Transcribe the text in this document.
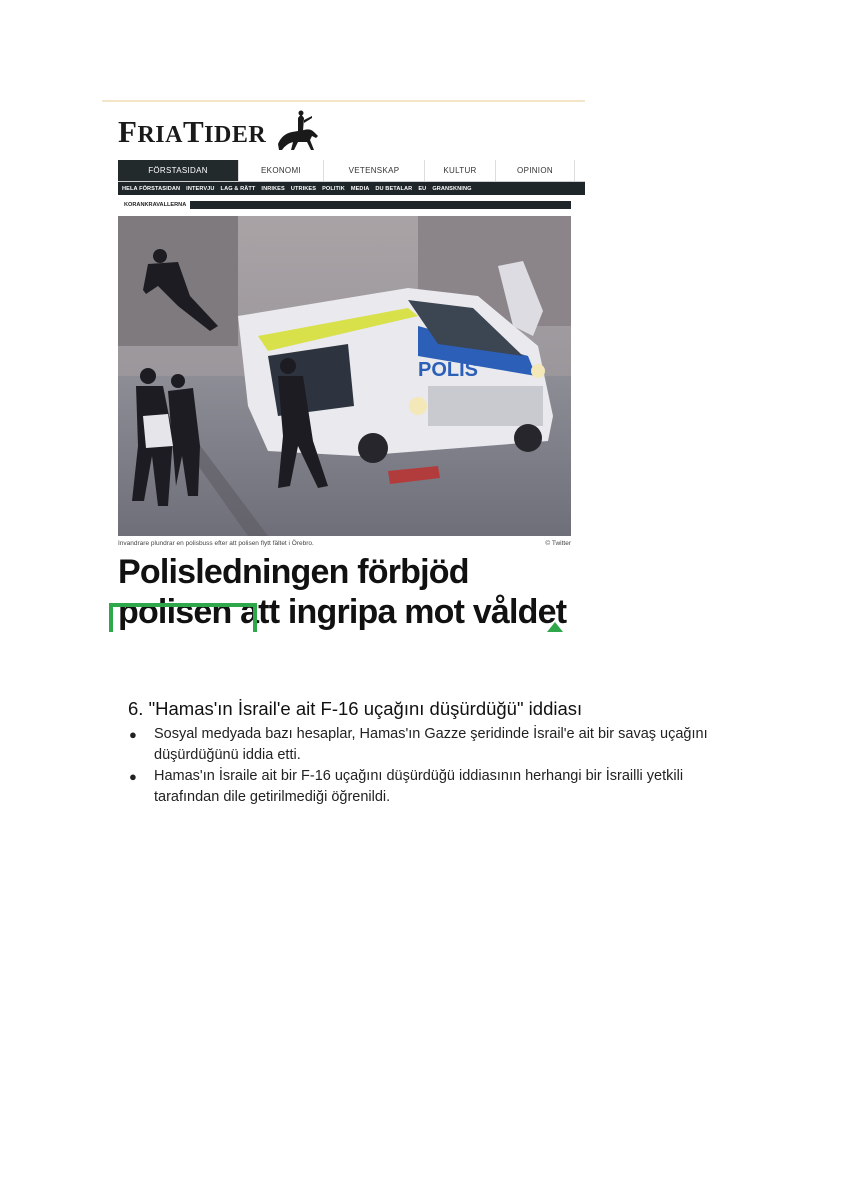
FRIATIDER
FÖRSTASIDAN	EKONOMI	VETENSKAP	KULTUR	OPINION
HELA FÖRSTASIDAN INTERVJU LAG & RÄTT INRIKES UTRIKES POLITIK MEDIA DU BETALAR EU GRANSKNING
KORANKRAVALLERNA
POLIS
Invandrare plundrar en polisbuss efter att polisen flytt fältet i Örebro.	© Twitter
Polisledningen förbjöd
polisen att ingripa mot våldet
6. "Hamas'ın İsrail'e ait F-16 uçağını düşürdüğü" iddiası
● Sosyal medyada bazı hesaplar, Hamas'ın Gazze şeridinde İsrail'e ait bir savaş uçağını düşürdüğünü iddia etti.
● Hamas'ın İsraile ait bir F-16 uçağını düşürdüğü iddiasının herhangi bir İsrailli yetkili tarafından dile getirilmediği öğrenildi.
